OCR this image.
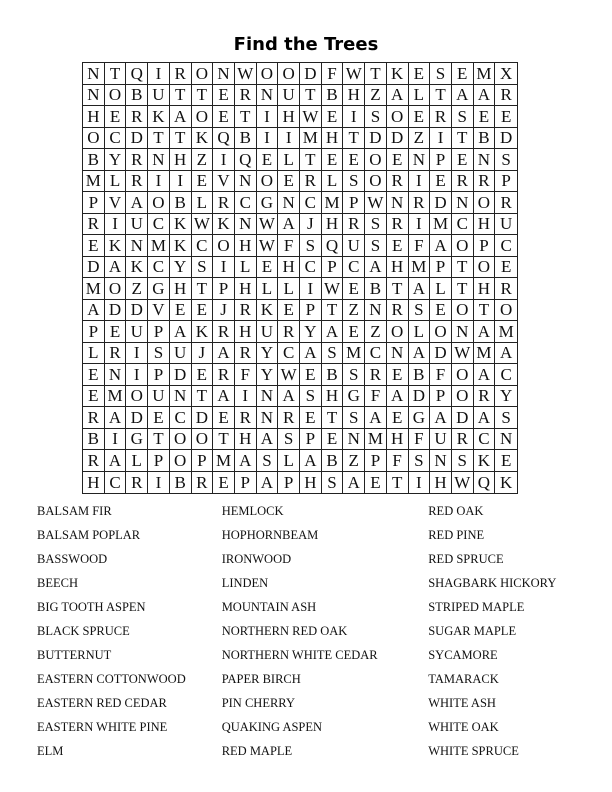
Find the Trees
N T Q I R O N W O O D F W T K E S E M X
N O B U T T E R N U T B H Z A L T A A R
H E R K A O E T I H W E I S O E R S E E
O C D T T K Q B I I M H T D D Z I T B D
B Y R N H Z I Q E L T E E O E N P E N S
M L R I I E V N O E R L S O R I E R R P
P V A O B L R C G N C M P W N R D N O R
R I U C K W K N W A J H R S R I M C H U
E K N M K C O H W F S Q U S E F A O P C
D A K C Y S I L E H C P C A H M P T O E
M O Z G H T P H L L I W E B T A L T H R
A D D V E E J R K E P T Z N R S E O T O
P E U P A K R H U R Y A E Z O L O N A M
L R I S U J A R Y C A S M C N A D W M A
E N I P D E R F Y W E B S R E B F O A C
E M O U N T A I N A S H G F A D P O R Y
R A D E C D E R N R E T S A E G A D A S
B I G T O O T H A S P E N M H F U R C N
R A L P O P M A S L A B Z P F S N S K E
H C R I B R E P A P H S A E T I H W Q K
BALSAM FIR
BALSAM POPLAR
BASSWOOD
BEECH
BIG TOOTH ASPEN
BLACK SPRUCE
BUTTERNUT
EASTERN COTTONWOOD
EASTERN RED CEDAR
EASTERN WHITE PINE
ELM
HEMLOCK
HOPHORNBEAM
IRONWOOD
LINDEN
MOUNTAIN ASH
NORTHERN RED OAK
NORTHERN WHITE CEDAR
PAPER BIRCH
PIN CHERRY
QUAKING ASPEN
RED MAPLE
RED OAK
RED PINE
RED SPRUCE
SHAGBARK HICKORY
STRIPED MAPLE
SUGAR MAPLE
SYCAMORE
TAMARACK
WHITE ASH
WHITE OAK
WHITE SPRUCE
